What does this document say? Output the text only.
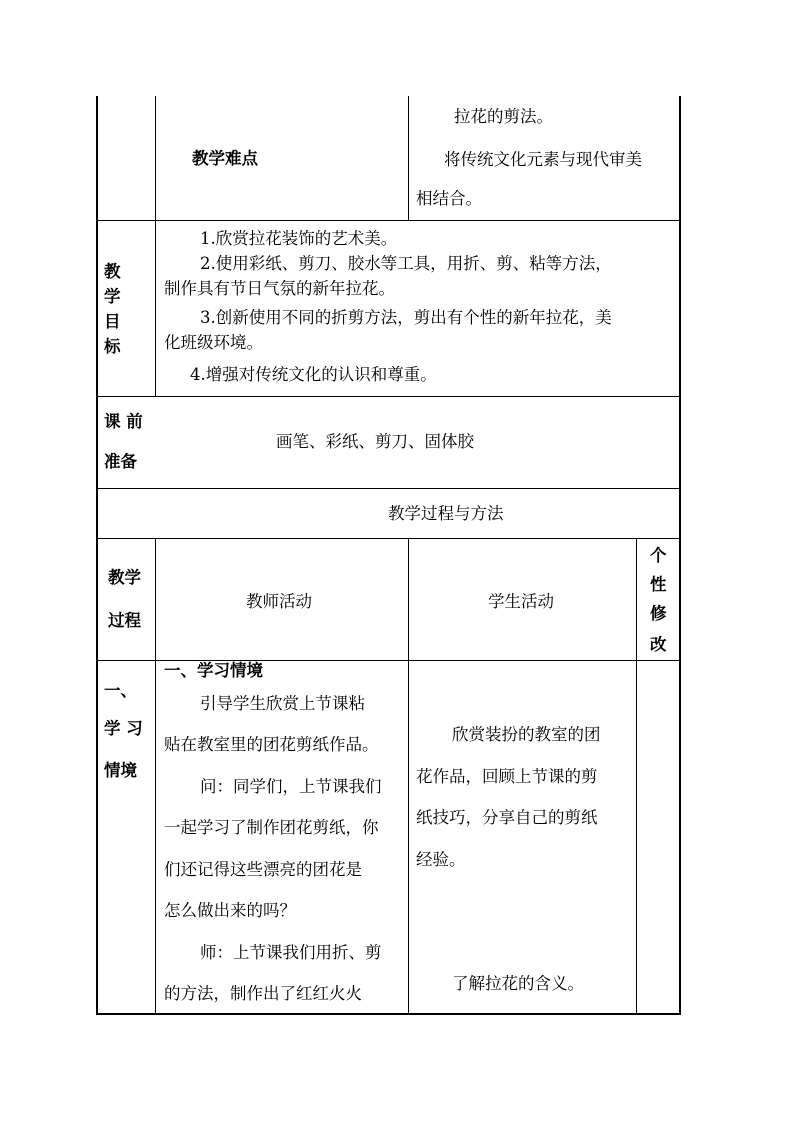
教学难点
拉花的剪法。
将传统文化元素与现代审美
相结合。
教
学
目
标
1.欣赏拉花装饰的艺术美。
2.使用彩纸、剪刀、胶水等工具，用折、剪、粘等方法，
制作具有节日气氛的新年拉花。
3.创新使用不同的折剪方法，剪出有个性的新年拉花，美
化班级环境。
4.增强对传统文化的认识和尊重。
课 前
准备
画笔、彩纸、剪刀、固体胶
教学过程与方法
教学
过程
教师活动	学生活动
个
性
修
改
一、
学 习
情境
一、学习情境
引导学生欣赏上节课粘
贴在教室里的团花剪纸作品。
问：同学们，上节课我们
一起学习了制作团花剪纸，你
们还记得这些漂亮的团花是
怎么做出来的吗？
师：上节课我们用折、剪
的方法，制作出了红红火火
欣赏装扮的教室的团
花作品，回顾上节课的剪
纸技巧，分享自己的剪纸
经验。
了解拉花的含义。
